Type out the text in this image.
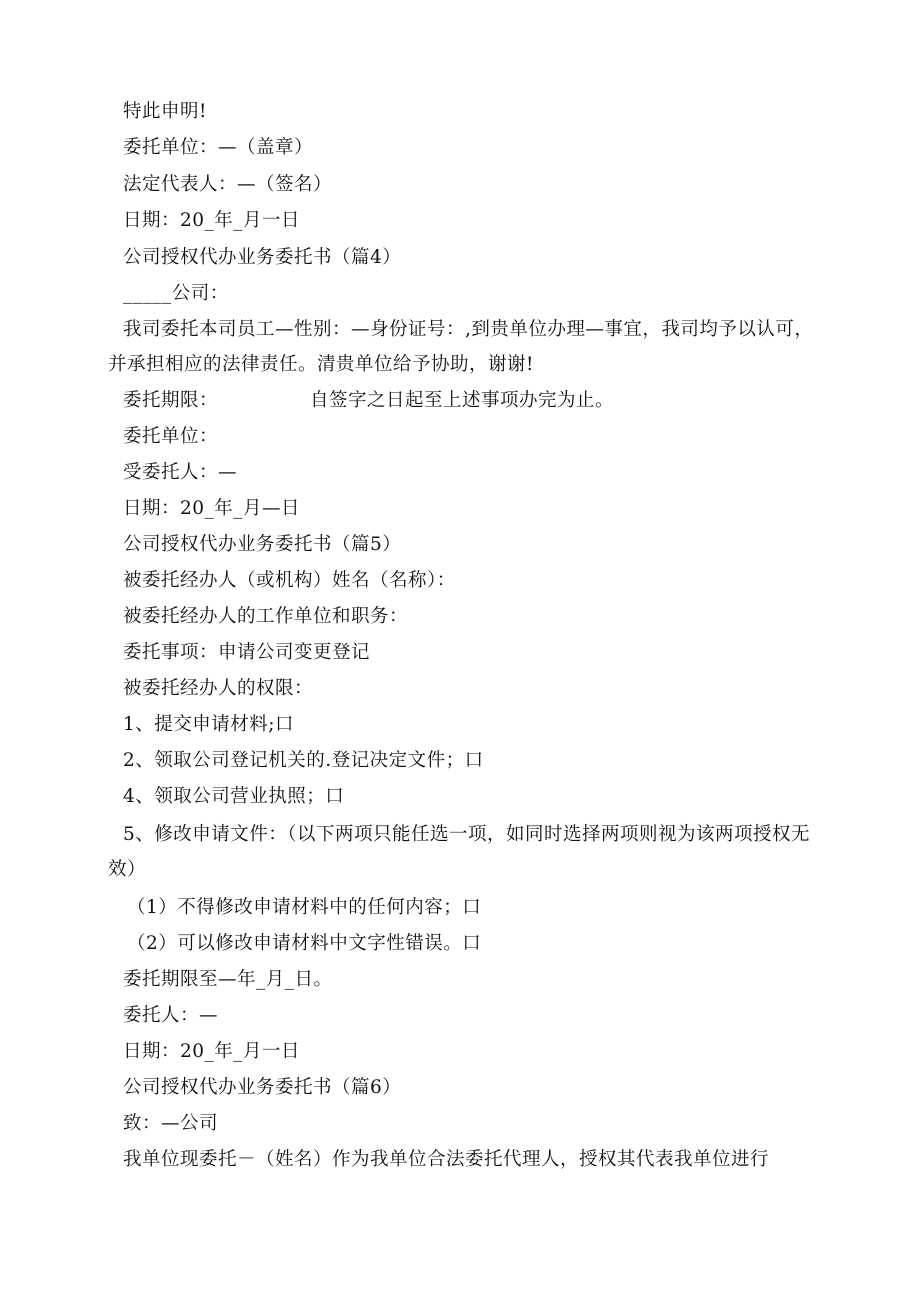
特此申明!
委托单位：—（盖章）
法定代表人：—（签名）
日期：20_年_月一日
公司授权代办业务委托书（篇4）
_____公司：
我司委托本司员工—性别：—身份证号：,到贵单位办理—事宜，我司均予以认可，
并承担相应的法律责任。清贵单位给予协助，谢谢!
委托期限：	自签字之日起至上述事项办完为止。
委托单位：
受委托人：—
日期：20_年_月—日
公司授权代办业务委托书（篇5）
被委托经办人（或机构）姓名（名称）：
被委托经办人的工作单位和职务：
委托事项：申请公司变更登记
被委托经办人的权限：
1、提交申请材料;口
2、领取公司登记机关的.登记决定文件；口
4、领取公司营业执照；口
5、修改申请文件：（以下两项只能任选一项，如同时选择两项则视为该两项授权无
效）
（1）不得修改申请材料中的任何内容；口
（2）可以修改申请材料中文字性错误。口
委托期限至—年_月_日。
委托人：—
日期：20_年_月一日
公司授权代办业务委托书（篇6）
致：—公司
我单位现委托－（姓名）作为我单位合法委托代理人，授权其代表我单位进行
